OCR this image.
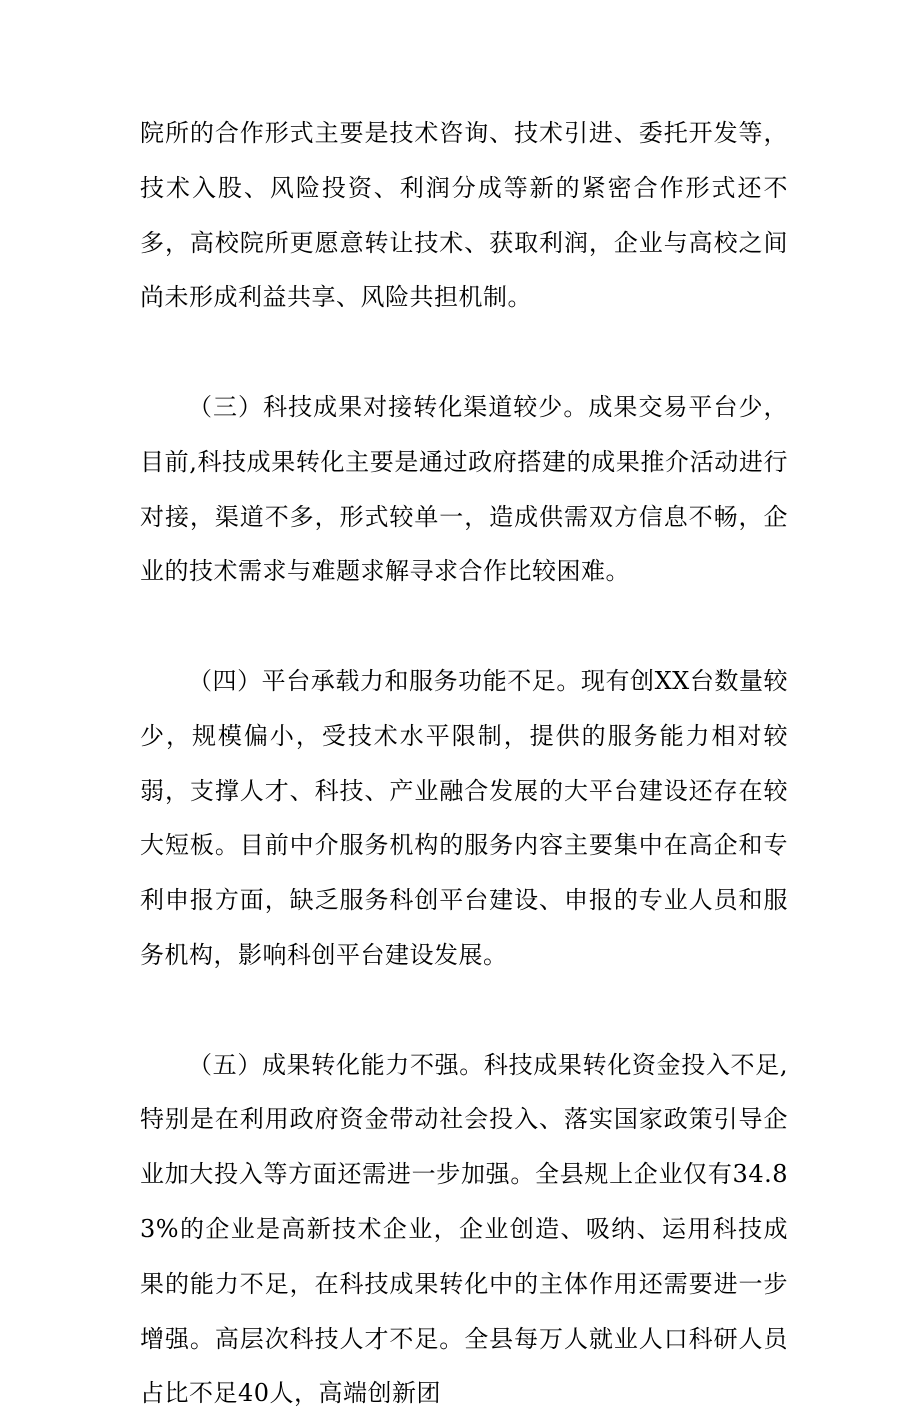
院所的合作形式主要是技术咨询、技术引进、委托开发等，技术入股、风险投资、利润分成等新的紧密合作形式还不多，高校院所更愿意转让技术、获取利润，企业与高校之间尚未形成利益共享、风险共担机制。

（三）科技成果对接转化渠道较少。成果交易平台少，目前,科技成果转化主要是通过政府搭建的成果推介活动进行对接，渠道不多，形式较单一，造成供需双方信息不畅，企业的技术需求与难题求解寻求合作比较困难。

（四）平台承载力和服务功能不足。现有创XX台数量较少，规模偏小，受技术水平限制，提供的服务能力相对较弱，支撑人才、科技、产业融合发展的大平台建设还存在较大短板。目前中介服务机构的服务内容主要集中在高企和专利申报方面，缺乏服务科创平台建设、申报的专业人员和服务机构，影响科创平台建设发展。

（五）成果转化能力不强。科技成果转化资金投入不足,特别是在利用政府资金带动社会投入、落实国家政策引导企业加大投入等方面还需进一步加强。全县规上企业仅有34.83%的企业是高新技术企业，企业创造、吸纳、运用科技成果的能力不足，在科技成果转化中的主体作用还需要进一步增强。高层次科技人才不足。全县每万人就业人口科研人员占比不足40人，高端创新团
